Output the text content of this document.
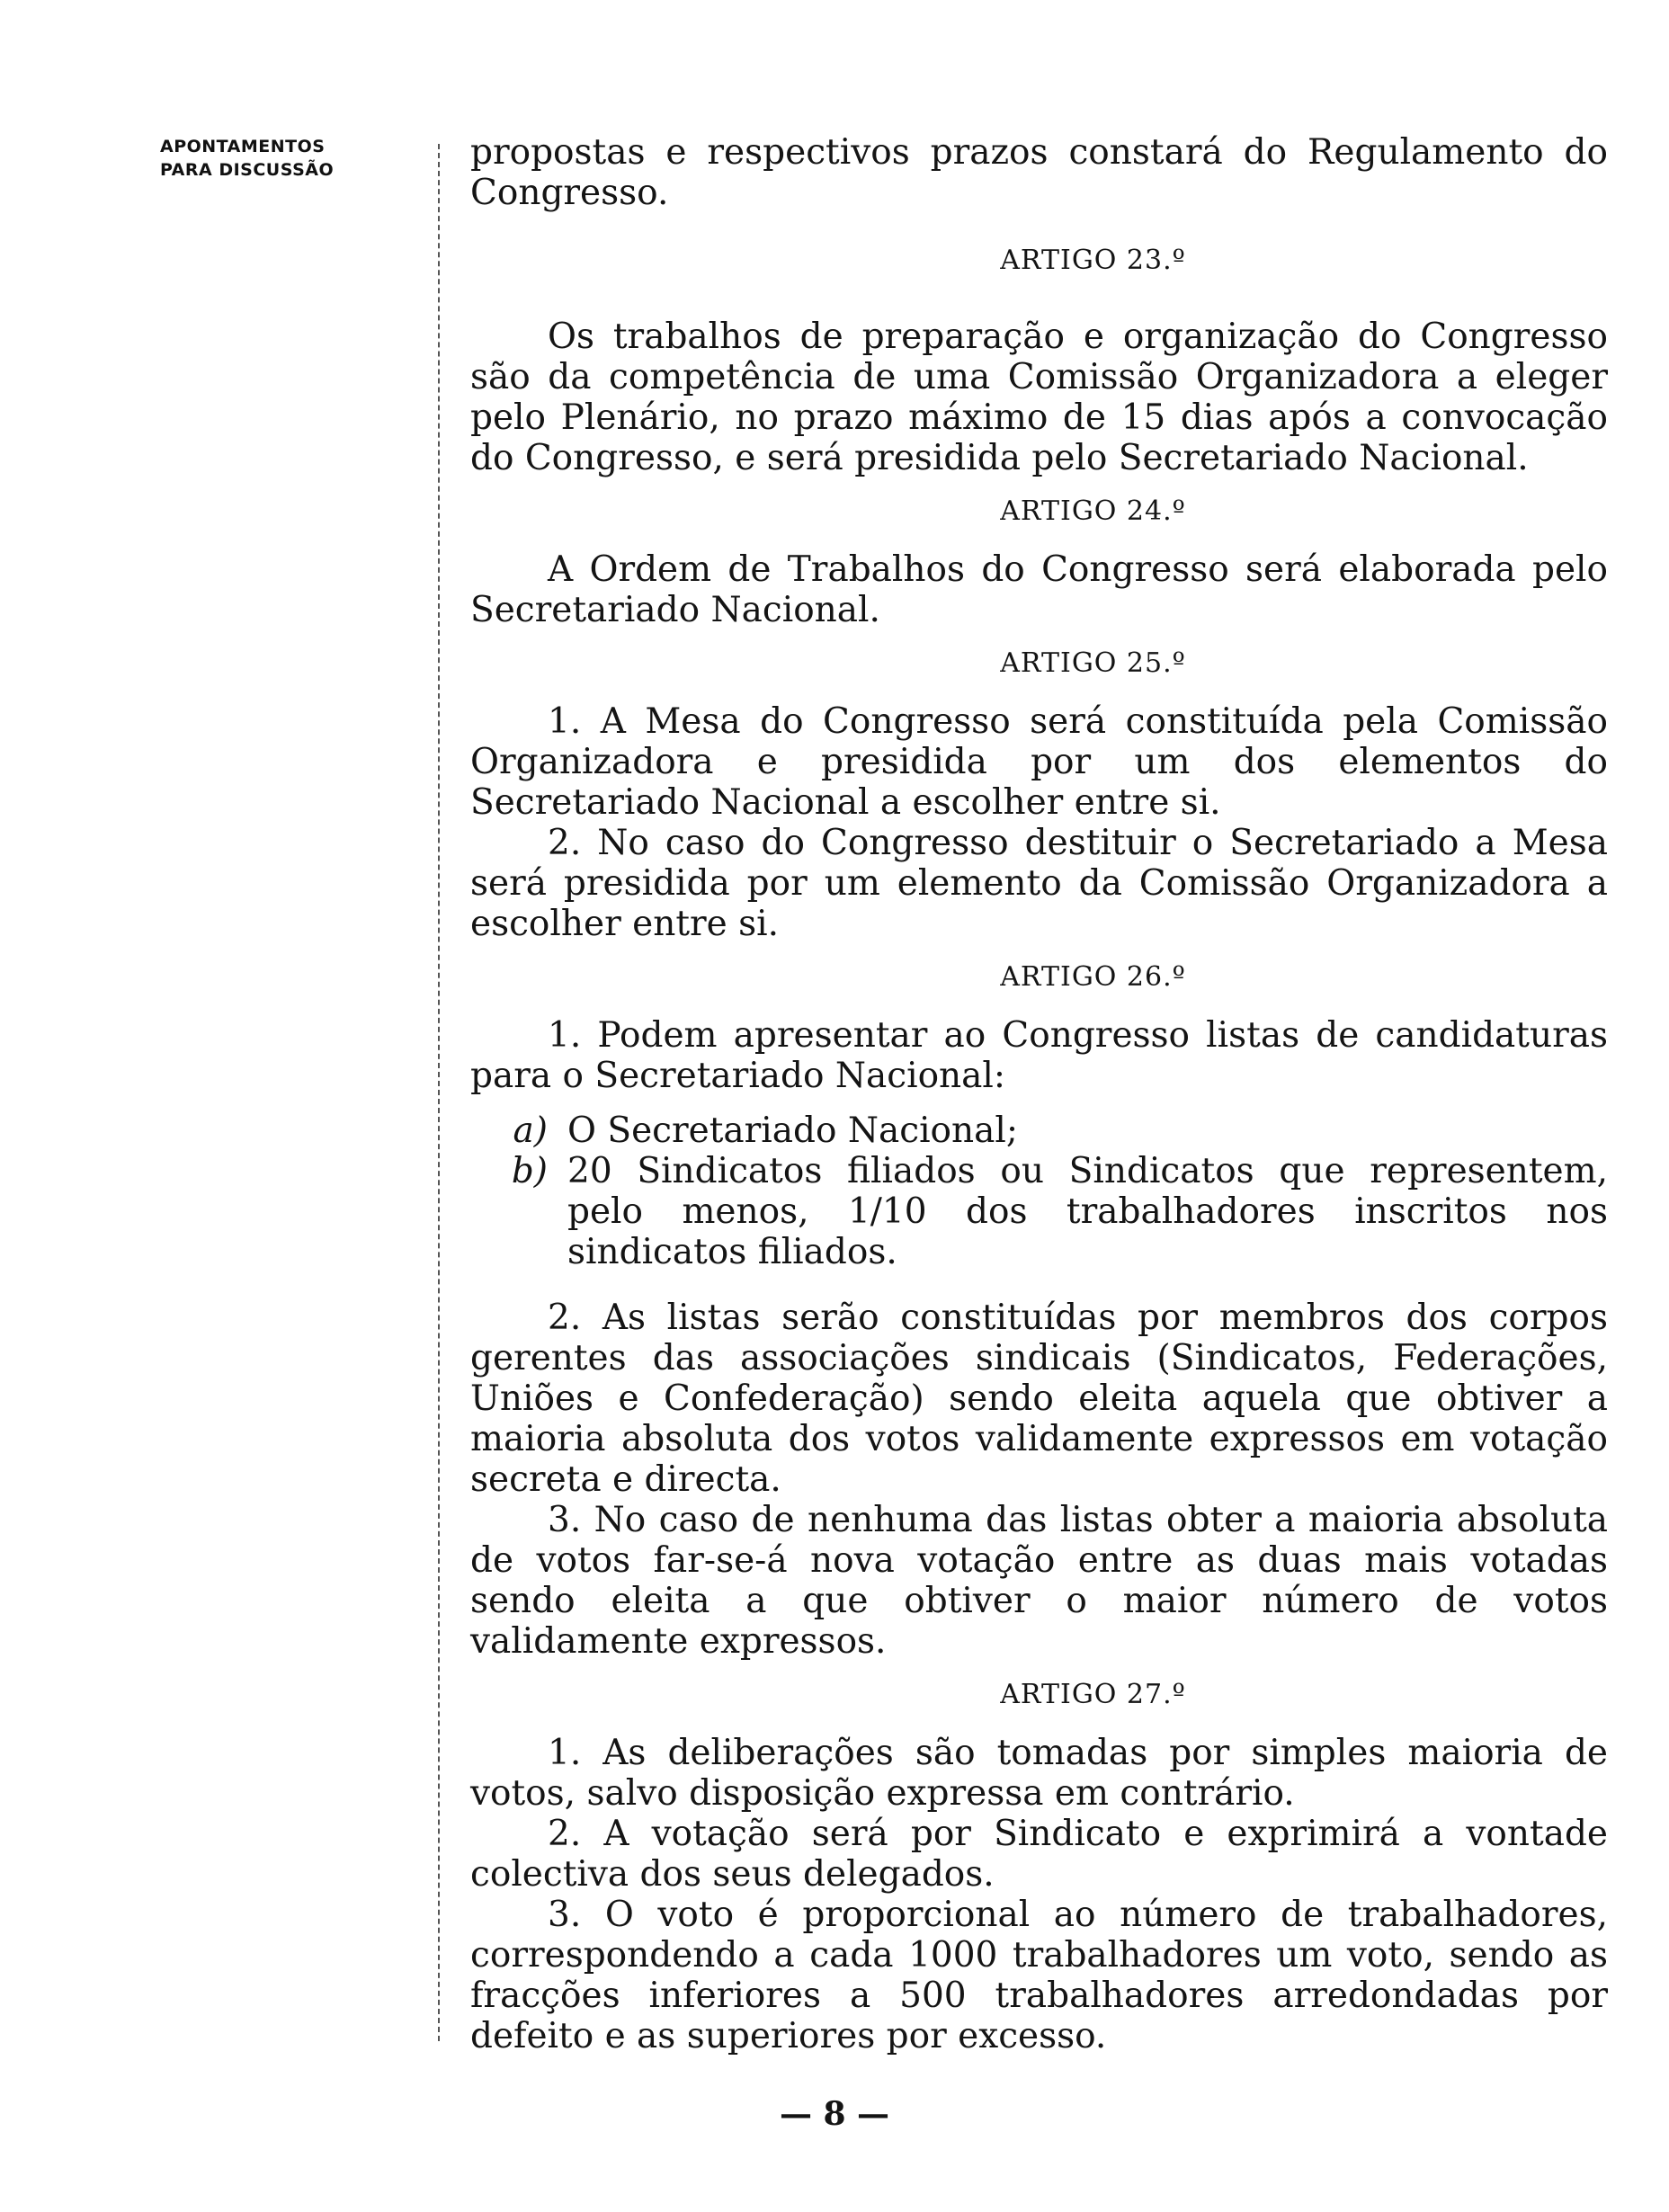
APONTAMENTOS
PARA DISCUSSÃO	propostas e respectivos prazos constará do Regulamento do Congresso.

ARTIGO 23.º

Os trabalhos de preparação e organização do Congresso são da competência de uma Comissão Organizadora a eleger pelo Plenário, no prazo máximo de 15 dias após a convocação do Congresso, e será presidida pelo Secretariado Nacional.

ARTIGO 24.º

A Ordem de Trabalhos do Congresso será elaborada pelo Secretariado Nacional.

ARTIGO 25.º

1. A Mesa do Congresso será constituída pela Comissão Organizadora e presidida por um dos elementos do Secretariado Nacional a escolher entre si.

2. No caso do Congresso destituir o Secretariado a Mesa será presidida por um elemento da Comissão Organizadora a escolher entre si.

ARTIGO 26.º

1. Podem apresentar ao Congresso listas de candidaturas para o Secretariado Nacional:

a) O Secretariado Nacional;
b) 20 Sindicatos filiados ou Sindicatos que representem, pelo menos, 1/10 dos trabalhadores inscritos nos sindicatos filiados.

2. As listas serão constituídas por membros dos corpos gerentes das associações sindicais (Sindicatos, Federações, Uniões e Confederação) sendo eleita aquela que obtiver a maioria absoluta dos votos validamente expressos em votação secreta e directa.

3. No caso de nenhuma das listas obter a maioria absoluta de votos far-se-á nova votação entre as duas mais votadas sendo eleita a que obtiver o maior número de votos validamente expressos.

ARTIGO 27.º

1. As deliberações são tomadas por simples maioria de votos, salvo disposição expressa em contrário.

2. A votação será por Sindicato e exprimirá a vontade colectiva dos seus delegados.

3. O voto é proporcional ao número de trabalhadores, correspondendo a cada 1000 trabalhadores um voto, sendo as fracções inferiores a 500 trabalhadores arredondadas por defeito e as superiores por excesso.

— 8 —
